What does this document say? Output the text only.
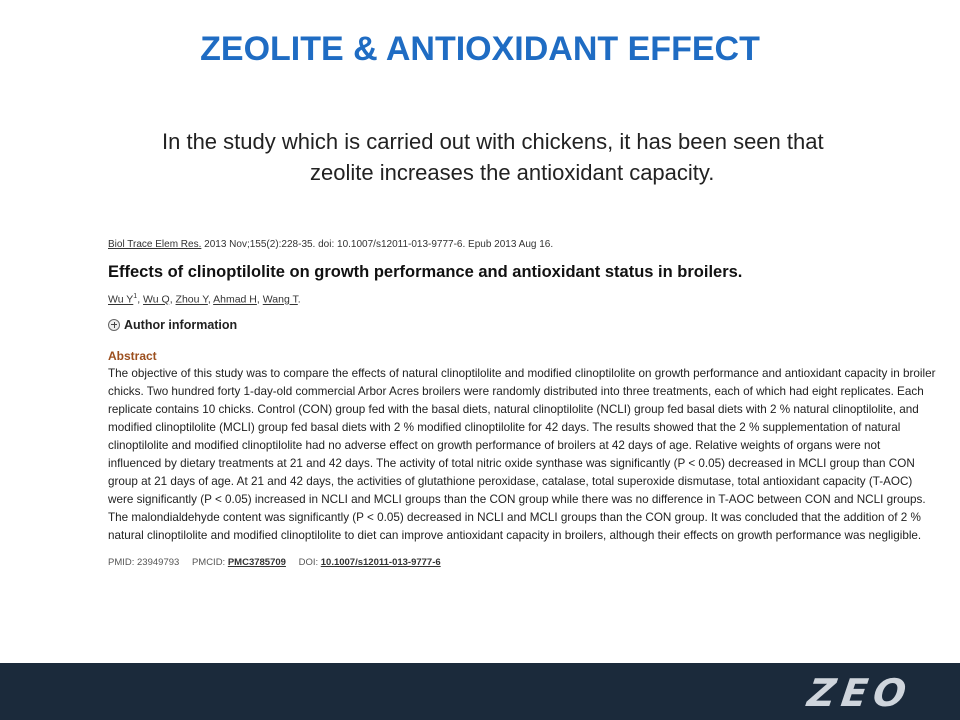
ZEOLITE & ANTIOXIDANT EFFECT
In the study which is carried out with chickens, it has been seen that
zeolite increases the antioxidant capacity.
Biol Trace Elem Res. 2013 Nov;155(2):228-35. doi: 10.1007/s12011-013-9777-6. Epub 2013 Aug 16.
Effects of clinoptilolite on growth performance and antioxidant status in broilers.
Wu $Y^1$, Wu Q, Zhou Y, Ahmad H, Wang T.
Author information
Abstract
The objective of this study was to compare the effects of natural clinoptilolite and modified clinoptilolite on growth performance and antioxidant capacity in broiler chicks. Two hundred forty 1-day-old commercial Arbor Acres broilers were randomly distributed into three treatments, each of which had eight replicates. Each replicate contains 10 chicks. Control (CON) group fed with the basal diets, natural clinoptilolite (NCLI) group fed basal diets with 2 % natural clinoptilolite, and modified clinoptilolite (MCLI) group fed basal diets with 2 % modified clinoptilolite for 42 days. The results showed that the 2 % supplementation of natural clinoptilolite and modified clinoptilolite had no adverse effect on growth performance of broilers at 42 days of age. Relative weights of organs were not influenced by dietary treatments at 21 and 42 days. The activity of total nitric oxide synthase was significantly (P < 0.05) decreased in MCLI group than CON group at 21 days of age. At 21 and 42 days, the activities of glutathione peroxidase, catalase, total superoxide dismutase, total antioxidant capacity (T-AOC) were significantly (P < 0.05) increased in NCLI and MCLI groups than the CON group while there was no difference in T-AOC between CON and NCLI groups. The malondialdehyde content was significantly (P < 0.05) decreased in NCLI and MCLI groups than the CON group. It was concluded that the addition of 2 % natural clinoptilolite and modified clinoptilolite to diet can improve antioxidant capacity in broilers, although their effects on growth performance was negligible.
PMID: 23949793 PMCID: PMC3785709 DOI: 10.1007/s12011-013-9777-6
ZEO
